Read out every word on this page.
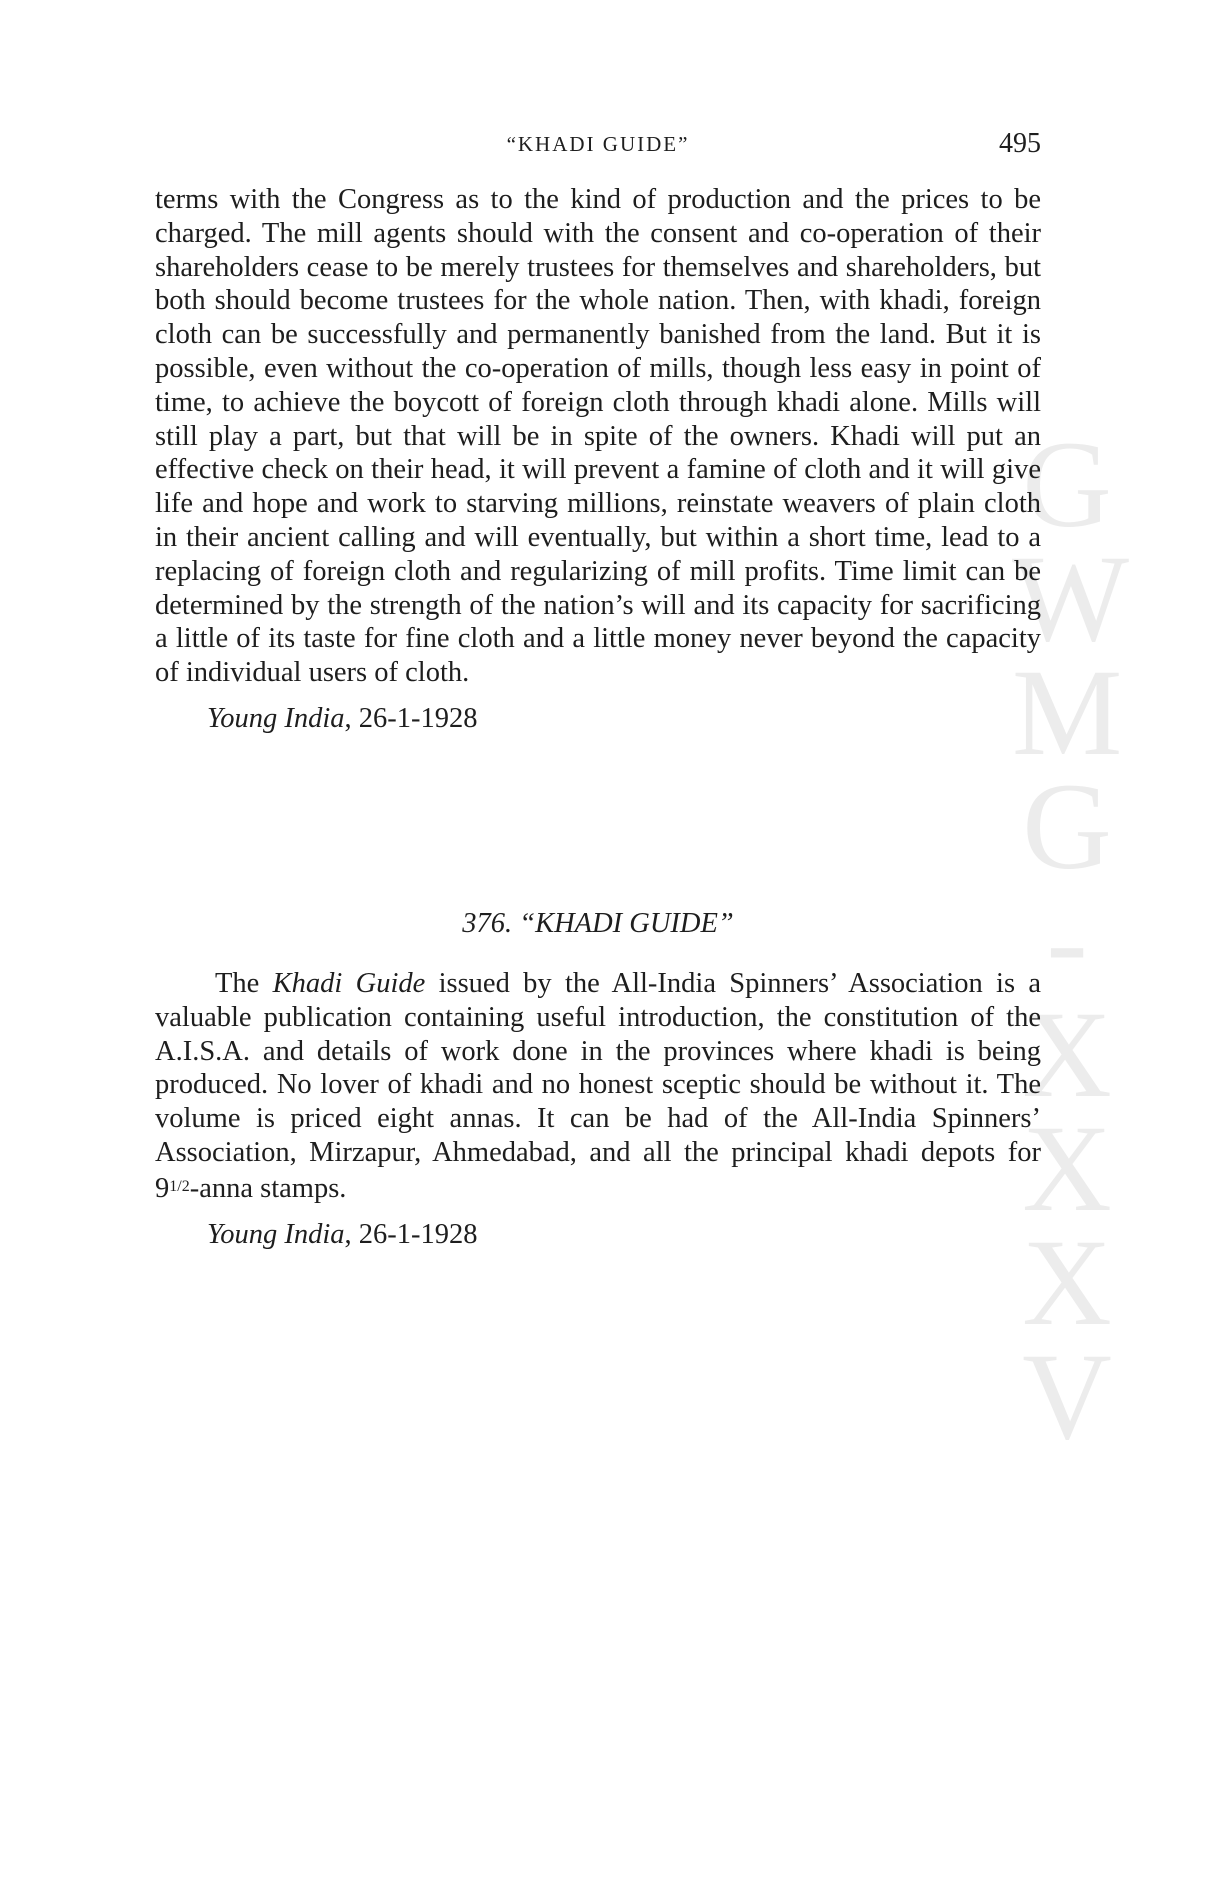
G
W
M
G
-
X
X
X
V
“KHADI GUIDE”	495

terms with the Congress as to the kind of production and the prices to be charged. The mill agents should with the consent and co-operation of their shareholders cease to be merely trustees for themselves and shareholders, but both should become trustees for the whole nation. Then, with khadi, foreign cloth can be successfully and permanently banished from the land. But it is possible, even without the co-operation of mills, though less easy in point of time, to achieve the boycott of foreign cloth through khadi alone. Mills will still play a part, but that will be in spite of the owners. Khadi will put an effective check on their head, it will prevent a famine of cloth and it will give life and hope and work to starving millions, reinstate weavers of plain cloth in their ancient calling and will eventually, but within a short time, lead to a replacing of foreign cloth and regularizing of mill profits. Time limit can be determined by the strength of the nation’s will and its capacity for sacrificing a little of its taste for fine cloth and a little money never beyond the capacity of individual users of cloth.

Young India, 26-1-1928
376. “KHADI GUIDE”

The Khadi Guide issued by the All-India Spinners’ Association is a valuable publication containing useful introduction, the constitution of the A.I.S.A. and details of work done in the provinces where khadi is being produced. No lover of khadi and no honest sceptic should be without it. The volume is priced eight annas. It can be had of the All-India Spinners’ Association, Mirzapur, Ahmedabad, and all the principal khadi depots for $9^{1/2}$-anna stamps.

Young India, 26-1-1928
